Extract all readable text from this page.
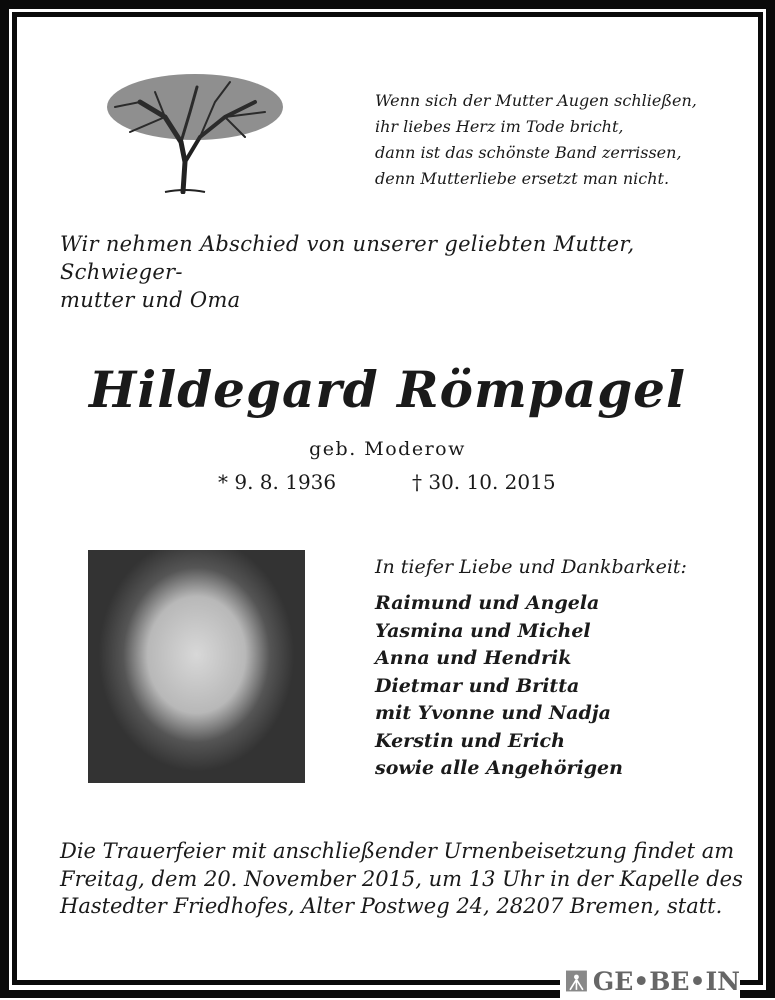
Wenn sich der Mutter Augen schließen,
ihr liebes Herz im Tode bricht,
dann ist das schönste Band zerrissen,
denn Mutterliebe ersetzt man nicht.
Wir nehmen Abschied von unserer geliebten Mutter, Schwieger-
mutter und Oma
Hildegard Römpagel
geb. Moderow
* 9. 8. 1936	† 30. 10. 2015
In tiefer Liebe und Dankbarkeit:
Raimund und Angela
Yasmina und Michel
Anna und Hendrik
Dietmar und Britta
mit Yvonne und Nadja
Kerstin und Erich
sowie alle Angehörigen
Die Trauerfeier mit anschließender Urnenbeisetzung findet am
Freitag, dem 20. November 2015, um 13 Uhr in der Kapelle des
Hastedter Friedhofes, Alter Postweg 24, 28207 Bremen, statt.
GE•BE•IN
